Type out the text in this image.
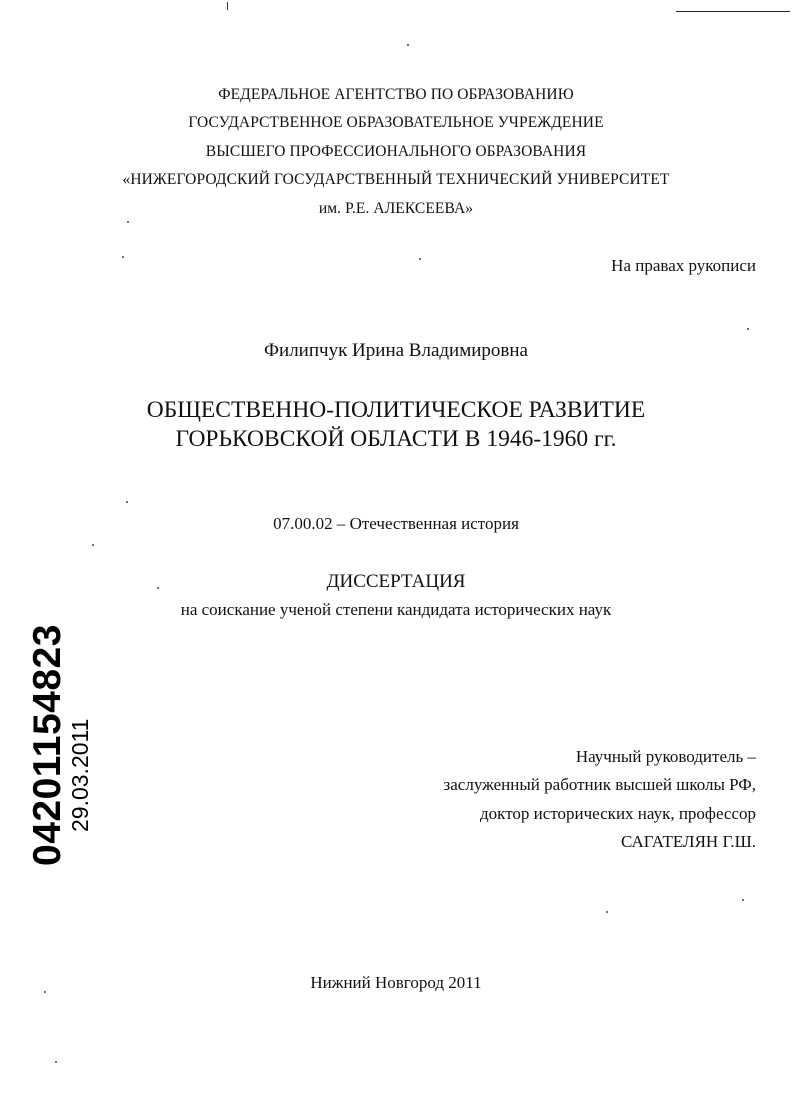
ФЕДЕРАЛЬНОЕ АГЕНТСТВО ПО ОБРАЗОВАНИЮ
ГОСУДАРСТВЕННОЕ ОБРАЗОВАТЕЛЬНОЕ УЧРЕЖДЕНИЕ
ВЫСШЕГО ПРОФЕССИОНАЛЬНОГО ОБРАЗОВАНИЯ
«НИЖЕГОРОДСКИЙ ГОСУДАРСТВЕННЫЙ ТЕХНИЧЕСКИЙ УНИВЕРСИТЕТ
им. Р.Е. АЛЕКСЕЕВА»
На правах рукописи
Филипчук Ирина Владимировна
ОБЩЕСТВЕННО-ПОЛИТИЧЕСКОЕ РАЗВИТИЕ
ГОРЬКОВСКОЙ ОБЛАСТИ В 1946-1960 гг.
07.00.02 – Отечественная история
ДИССЕРТАЦИЯ
на соискание ученой степени кандидата исторических наук
Научный руководитель –
заслуженный работник высшей школы РФ,
доктор исторических наук, профессор
САГАТЕЛЯН Г.Ш.
Нижний Новгород 2011
04201154823
29.03.2011
